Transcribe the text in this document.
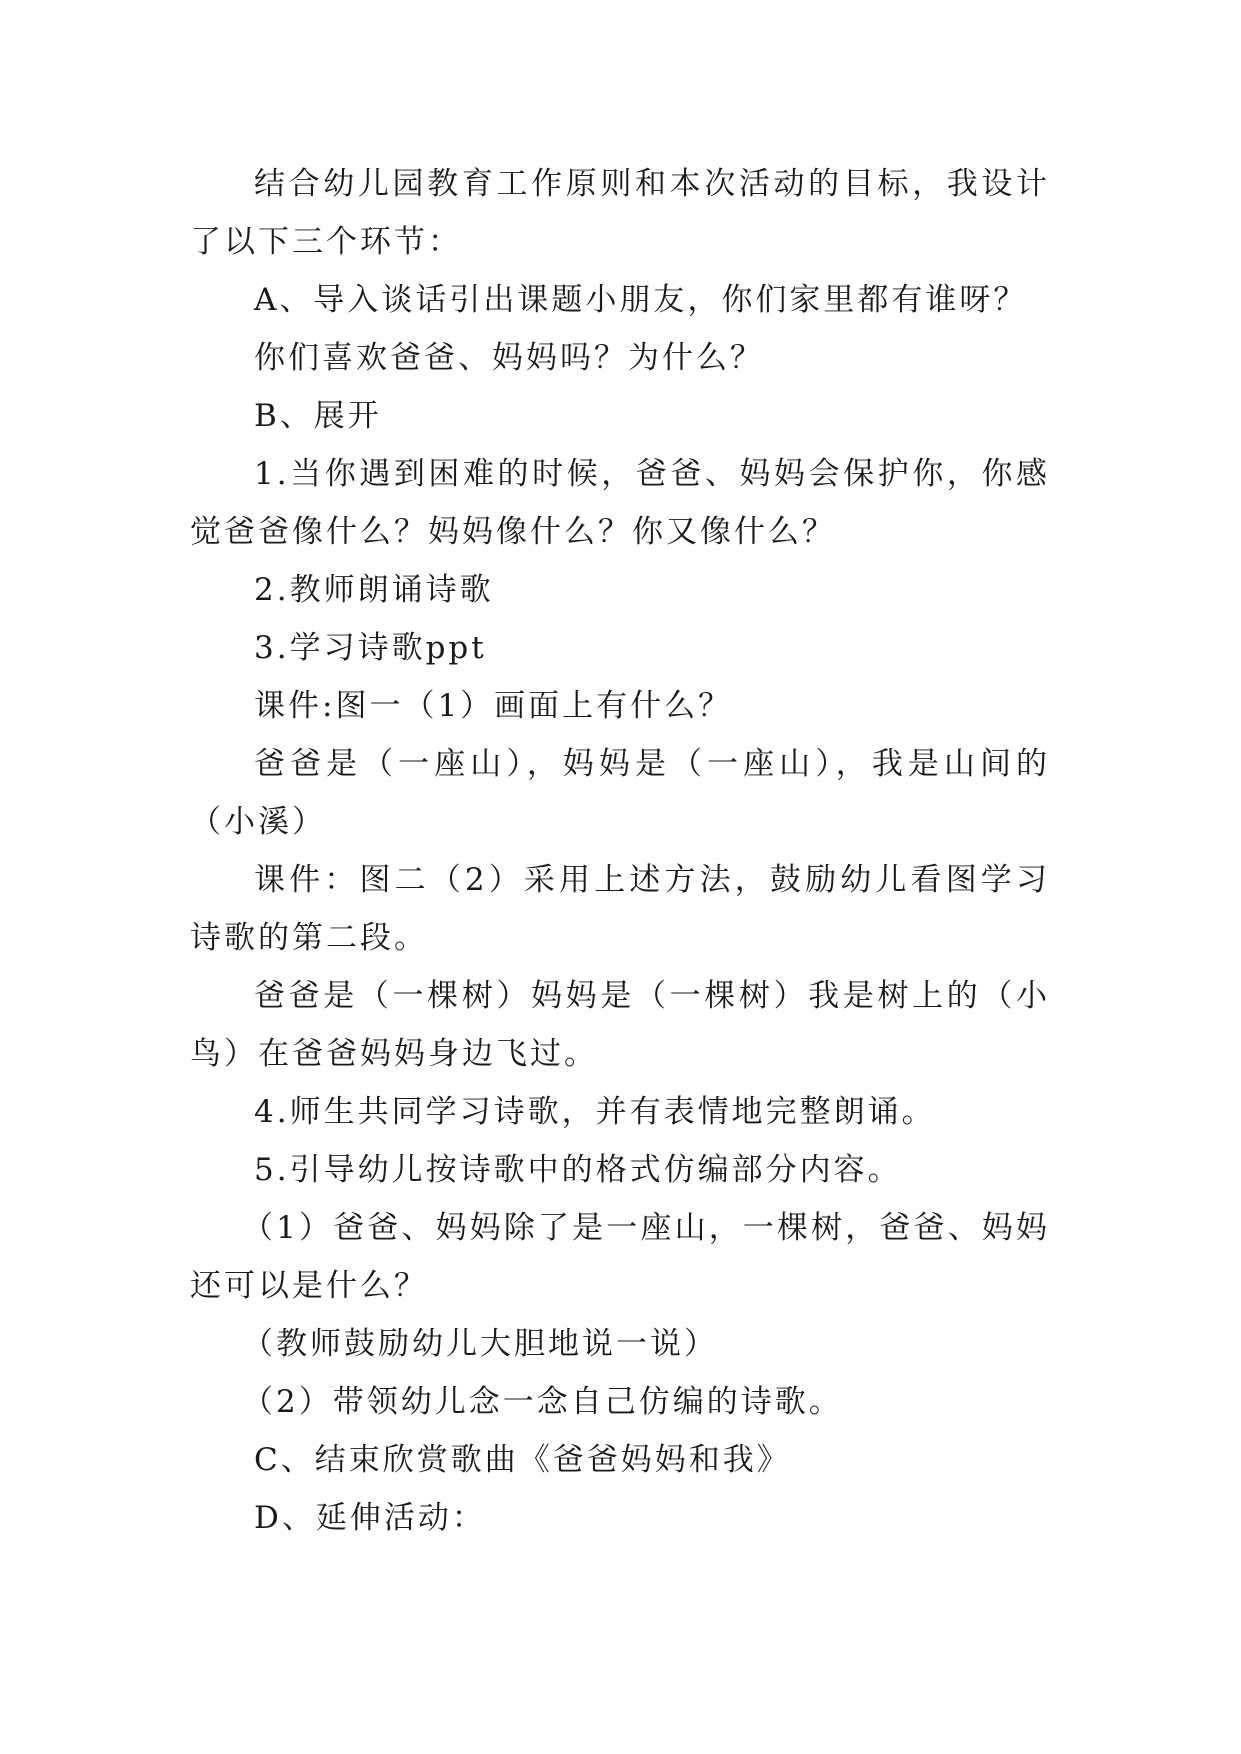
结合幼儿园教育工作原则和本次活动的目标，我设计了以下三个环节：

A、导入谈话引出课题小朋友，你们家里都有谁呀？

你们喜欢爸爸、妈妈吗？为什么？

B、展开

1.当你遇到困难的时候，爸爸、妈妈会保护你，你感觉爸爸像什么？妈妈像什么？你又像什么？

2.教师朗诵诗歌

3.学习诗歌ppt

课件:图一（1）画面上有什么？

爸爸是（一座山），妈妈是（一座山），我是山间的（小溪）

课件：图二（2）采用上述方法，鼓励幼儿看图学习诗歌的第二段。

爸爸是（一棵树）妈妈是（一棵树）我是树上的（小鸟）在爸爸妈妈身边飞过。

4.师生共同学习诗歌，并有表情地完整朗诵。

5.引导幼儿按诗歌中的格式仿编部分内容。

（1）爸爸、妈妈除了是一座山，一棵树，爸爸、妈妈还可以是什么？

（教师鼓励幼儿大胆地说一说）

（2）带领幼儿念一念自己仿编的诗歌。

C、结束欣赏歌曲《爸爸妈妈和我》

D、延伸活动：
